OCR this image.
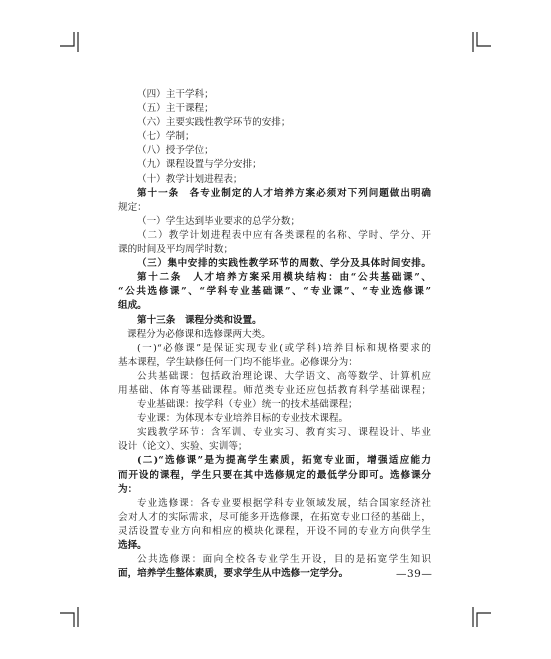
（四）主干学科；
（五）主干课程；
（六）主要实践性教学环节的安排；
（七）学制；
（八）授予学位；
（九）课程设置与学分安排；
（十）教学计划进程表；
第十一条　各专业制定的人才培养方案必须对下列问题做出明确
规定：
（一）学生达到毕业要求的总学分数；
（二）教学计划进程表中应有各类课程的名称、学时、学分、开
课的时间及平均周学时数；
（三）集中安排的实践性教学环节的周数、学分及具体时间安排。
第十二条　人才培养方案采用模块结构：由“公共基础课”、
“公共选修课”、“学科专业基础课”、“专业课”、“专业选修课”
组成。
第十三条　课程分类和设置。
课程分为必修课和选修课两大类。
(一)“必修课”是保证实现专业(或学科)培养目标和规格要求的
基本课程，学生缺修任何一门均不能毕业。必修课分为：
公共基础课：包括政治理论课、大学语文、高等数学、计算机应
用基础、体育等基础课程。师范类专业还应包括教育科学基础课程；
专业基础课：按学科（专业）统一的技术基础课程；
专业课：为体现本专业培养目标的专业技术课程。
实践教学环节：含军训、专业实习、教育实习、课程设计、毕业
设计（论文）、实验、实训等；
(二)“选修课”是为提高学生素质，拓宽专业面，增强适应能力
而开设的课程，学生只要在其中选修规定的最低学分即可。选修课分
为：
专业选修课：各专业要根据学科专业领域发展，结合国家经济社
会对人才的实际需求，尽可能多开选修课，在拓宽专业口径的基础上，
灵活设置专业方向和相应的模块化课程，开设不同的专业方向供学生
选择。
公共选修课：面向全校各专业学生开设，目的是拓宽学生知识
面，培养学生整体素质，要求学生从中选修一定学分。	—39—
